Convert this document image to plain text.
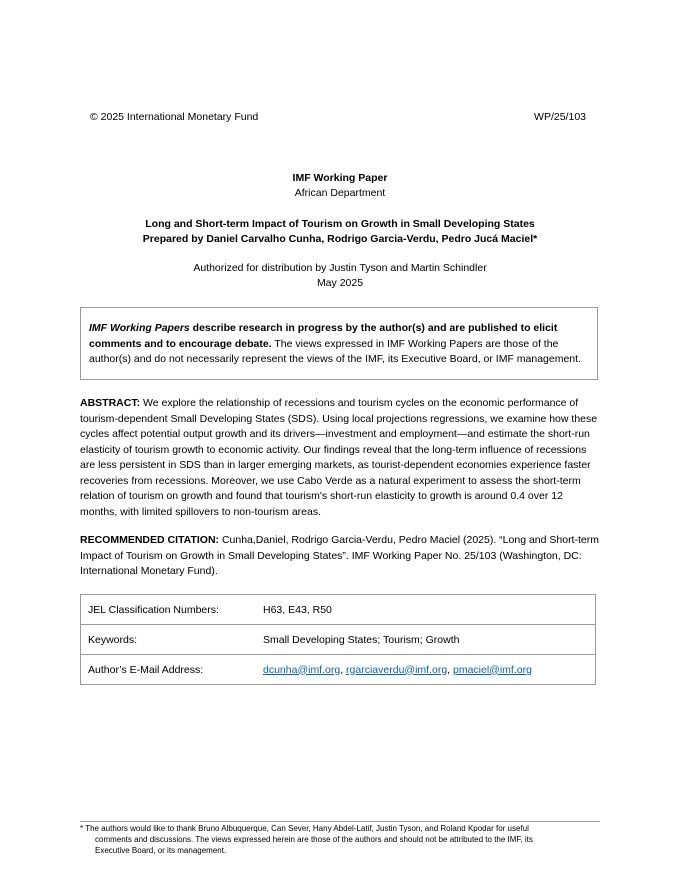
© 2025 International Monetary Fund	WP/25/103
IMF Working Paper
African Department
Long and Short-term Impact of Tourism on Growth in Small Developing States
Prepared by Daniel Carvalho Cunha, Rodrigo Garcia-Verdu, Pedro Jucá Maciel*
Authorized for distribution by Justin Tyson and Martin Schindler
May 2025
IMF Working Papers describe research in progress by the author(s) and are published to elicit comments and to encourage debate. The views expressed in IMF Working Papers are those of the author(s) and do not necessarily represent the views of the IMF, its Executive Board, or IMF management.
ABSTRACT: We explore the relationship of recessions and tourism cycles on the economic performance of tourism-dependent Small Developing States (SDS). Using local projections regressions, we examine how these cycles affect potential output growth and its drivers—investment and employment—and estimate the short-run elasticity of tourism growth to economic activity. Our findings reveal that the long-term influence of recessions are less persistent in SDS than in larger emerging markets, as tourist-dependent economies experience faster recoveries from recessions. Moreover, we use Cabo Verde as a natural experiment to assess the short-term relation of tourism on growth and found that tourism's short-run elasticity to growth is around 0.4 over 12 months, with limited spillovers to non-tourism areas.
RECOMMENDED CITATION: Cunha,Daniel, Rodrigo Garcia-Verdu, Pedro Maciel (2025). “Long and Short-term Impact of Tourism on Growth in Small Developing States”. IMF Working Paper No. 25/103 (Washington, DC: International Monetary Fund).
JEL Classification Numbers:	H63, E43, R50
Keywords:	Small Developing States; Tourism; Growth
Author’s E-Mail Address:	dcunha@imf.org, rgarciaverdu@imf.org, pmaciel@imf.org
* The authors would like to thank Bruno Albuquerque, Can Sever, Hany Abdel-Latif, Justin Tyson, and Roland Kpodar for useful
comments and discussions. The views expressed herein are those of the authors and should not be attributed to the IMF, its
Executive Board, or its management.
